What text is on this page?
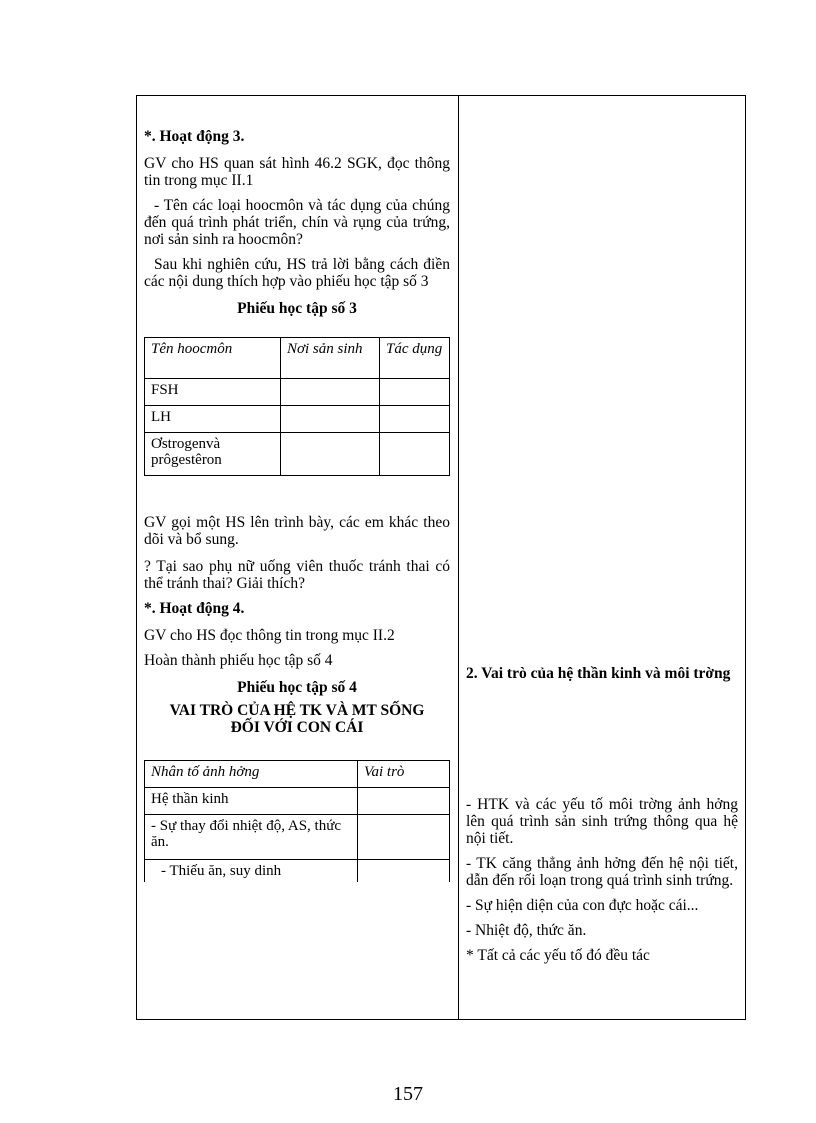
*. Hoạt động 3.

GV cho HS quan sát hình 46.2 SGK, đọc thông tin trong mục II.1

- Tên các loại hoocmôn và tác dụng của chúng đến quá trình phát triển, chín và rụng của trứng, nơi sản sinh ra hoocmôn?

Sau khi nghiên cứu, HS trả lời bằng cách điền các nội dung thích hợp vào phiếu học tập số 3

Phiếu học tập số 3

Tên hoocmôn	Nơi sản sinh	Tác dụng
FSH		
LH		
Ơstrogenvà prôgestêron		

GV gọi một HS lên trình bày, các em khác theo dõi và bổ sung.

? Tại sao phụ nữ uống viên thuốc tránh thai có thể tránh thai? Giải thích?

*. Hoạt động 4.

GV cho HS đọc thông tin trong mục II.2

Hoàn thành phiếu học tập số 4

Phiếu học tập số 4

VAI TRÒ CỦA HỆ TK VÀ MT SỐNG ĐỐI VỚI CON CÁI

Nhân tố ảnh hởng	Vai trò
Hệ thần kinh	
- Sự thay đổi nhiệt độ, AS, thức ăn.	
- Thiếu ăn, suy dinh	

2. Vai trò của hệ thần kinh và môi trờng

- HTK và các yếu tố môi trờng ảnh hởng lên quá trình sản sinh trứng thông qua hệ nội tiết.

- TK căng thẳng ảnh hởng đến hệ nội tiết, dẫn đến rối loạn trong quá trình sinh trứng.

- Sự hiện diện của con đực hoặc cái...

- Nhiệt độ, thức ăn.

* Tất cả các yếu tố đó đều tác

157
